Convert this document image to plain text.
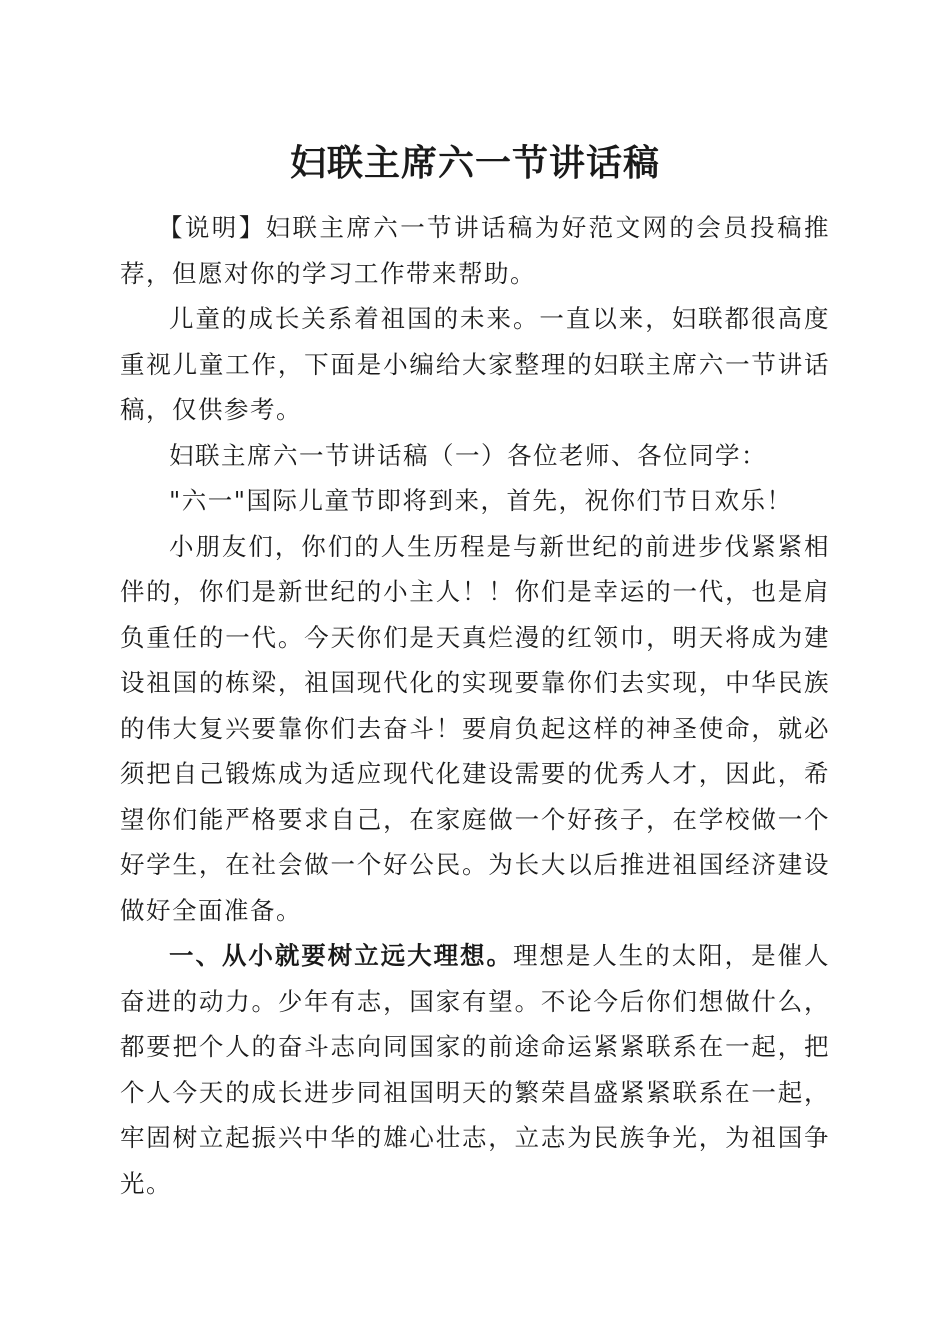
妇联主席六一节讲话稿

【说明】妇联主席六一节讲话稿为好范文网的会员投稿推荐，但愿对你的学习工作带来帮助。

儿童的成长关系着祖国的未来。一直以来，妇联都很高度重视儿童工作，下面是小编给大家整理的妇联主席六一节讲话稿，仅供参考。

妇联主席六一节讲话稿（一）各位老师、各位同学：

"六一"国际儿童节即将到来，首先，祝你们节日欢乐！

小朋友们，你们的人生历程是与新世纪的前进步伐紧紧相伴的，你们是新世纪的小主人！！你们是幸运的一代，也是肩负重任的一代。今天你们是天真烂漫的红领巾，明天将成为建设祖国的栋梁，祖国现代化的实现要靠你们去实现，中华民族的伟大复兴要靠你们去奋斗！要肩负起这样的神圣使命，就必须把自己锻炼成为适应现代化建设需要的优秀人才，因此，希望你们能严格要求自己，在家庭做一个好孩子，在学校做一个好学生，在社会做一个好公民。为长大以后推进祖国经济建设做好全面准备。

一、从小就要树立远大理想。理想是人生的太阳，是催人奋进的动力。少年有志，国家有望。不论今后你们想做什么，都要把个人的奋斗志向同国家的前途命运紧紧联系在一起，把个人今天的成长进步同祖国明天的繁荣昌盛紧紧联系在一起，牢固树立起振兴中华的雄心壮志，立志为民族争光，为祖国争光。
